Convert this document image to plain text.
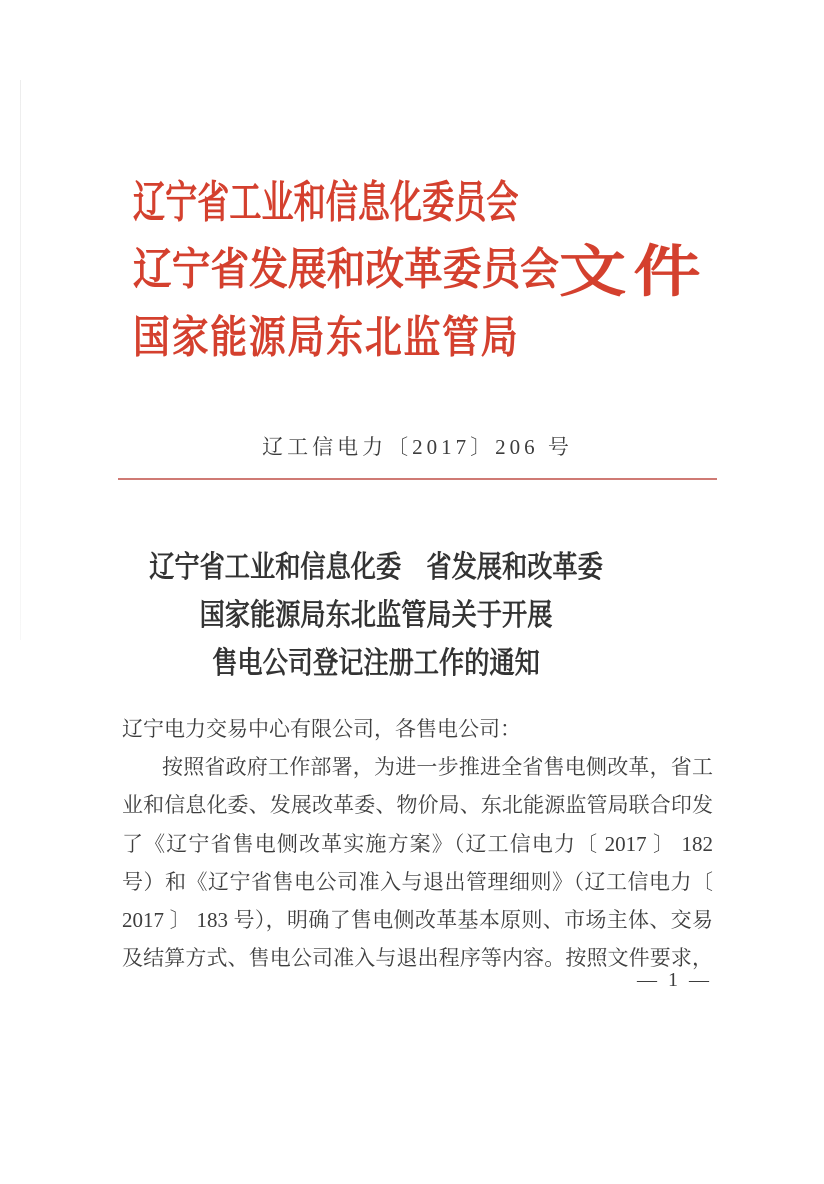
辽宁省工业和信息化委员会
辽宁省发展和改革委员会 文件
国家能源局东北监管局
辽工信电力〔2017〕206 号
辽宁省工业和信息化委　省发展和改革委
国家能源局东北监管局关于开展
售电公司登记注册工作的通知
辽宁电力交易中心有限公司，各售电公司：
按照省政府工作部署，为进一步推进全省售电侧改革，省工
业和信息化委、发展改革委、物价局、东北能源监管局联合印发
了《辽宁省售电侧改革实施方案》（辽工信电力〔 2017 〕 182
号）和《辽宁省售电公司准入与退出管理细则》（辽工信电力〔
2017 〕 183 号），明确了售电侧改革基本原则、市场主体、交易
及结算方式、售电公司准入与退出程序等内容。按照文件要求，
— 1 —
